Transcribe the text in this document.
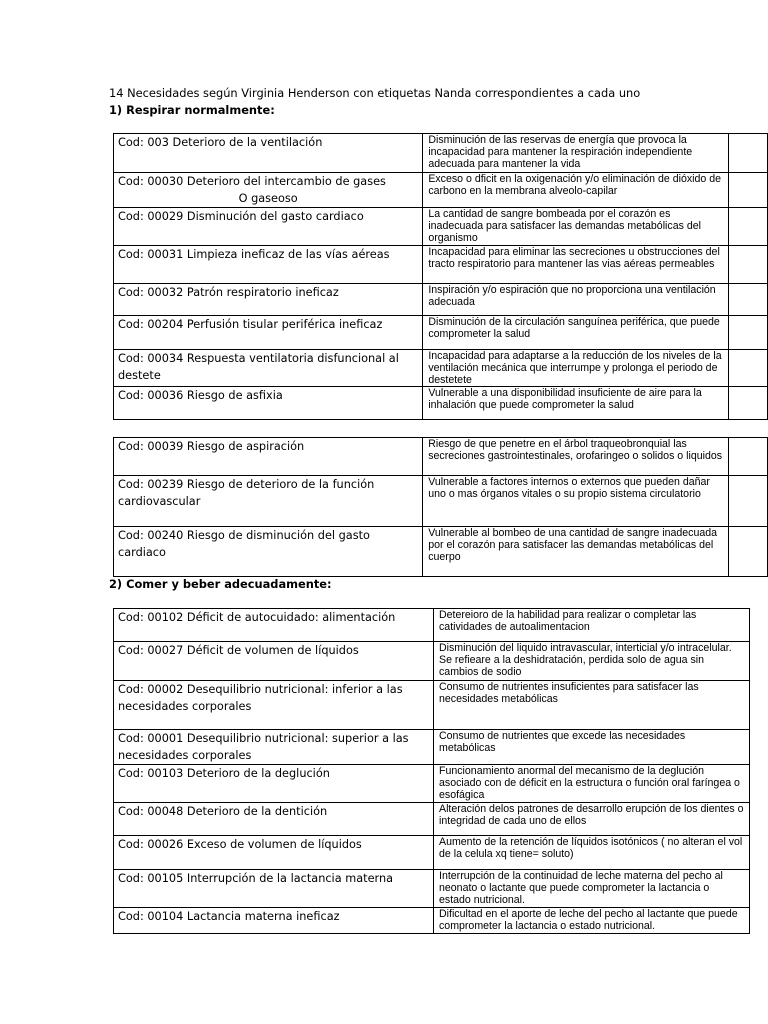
14 Necesidades según Virginia Henderson con etiquetas Nanda correspondientes a cada uno
1) Respirar normalmente:
Cod: 003 Deterioro de la ventilación	Disminución de las reservas de energía que provoca la incapacidad para mantener la respiración independiente adecuada para mantener la vida	

Cod: 00030 Deterioro del intercambio de gases
O gaseoso	Exceso o dficit en la oxigenación y/o eliminación de dióxido de carbono en la membrana alveolo-capilar	
Cod: 00029 Disminución del gasto cardiaco	La cantidad de sangre bombeada por el corazón es inadecuada para satisfacer las demandas metabólicas del organismo	
Cod: 00031 Limpieza ineficaz de las vías aéreas	Incapacidad para eliminar las secreciones u obstrucciones del tracto respiratorio para mantener las vias aéreas permeables	
Cod: 00032 Patrón respiratorio ineficaz	Inspiración y/o espiración que no proporciona una ventilación adecuada	
Cod: 00204 Perfusión tisular periférica ineficaz	Disminución de la circulación sanguínea periférica, que puede comprometer la salud	
Cod: 00034 Respuesta ventilatoria disfuncional al destete	Incapacidad para adaptarse a la reducción de los niveles de la ventilación mecánica que interrumpe y prolonga el periodo de destetete	
Cod: 00036 Riesgo de asfixia	Vulnerable a una disponibilidad insuficiente de aire para la inhalación que puede comprometer la salud	
Cod: 00039 Riesgo de aspiración	Riesgo de que penetre en el árbol traqueobronquial las secreciones gastrointestinales, orofaringeo o solidos o liquidos	
Cod: 00239 Riesgo de deterioro de la función cardiovascular	Vulnerable a factores internos o externos que pueden dañar uno o mas órganos vitales o su propio sistema circulatorio	
Cod: 00240 Riesgo de disminución del gasto cardiaco	Vulnerable al bombeo de una cantidad de sangre inadecuada por el corazón para satisfacer las demandas metabólicas del cuerpo	
2) Comer y beber adecuadamente:
Cod: 00102 Déficit de autocuidado: alimentación	Detereioro de la habilidad para realizar o completar las catividades de autoalimentacion
Cod: 00027 Déficit de volumen de líquidos	Disminución del liquido intravascular, interticial y/o intracelular. Se refieare a la deshidratación, perdida solo de agua sin cambios de sodio
Cod: 00002 Desequilibrio nutricional: inferior a las necesidades corporales	Consumo de nutrientes insuficientes para satisfacer las necesidades metabólicas
Cod: 00001 Desequilibrio nutricional: superior a las necesidades corporales	Consumo de nutrientes que excede las necesidades metabólicas
Cod: 00103 Deterioro de la deglución	Funcionamiento anormal del mecanismo de la deglución asociado con de déficit en la estructura o función oral faríngea o esofágica
Cod: 00048 Deterioro de la dentición	Alteración delos patrones de desarrollo erupción de los dientes o integridad de cada uno de ellos
Cod: 00026 Exceso de volumen de líquidos	Aumento de la retención de líquidos isotónicos ( no alteran el vol de la celula xq tiene= soluto)
Cod: 00105 Interrupción de la lactancia materna	Interrupción de la continuidad de leche materna del pecho al neonato o lactante que puede comprometer la lactancia o estado nutricional.
Cod: 00104 Lactancia materna ineficaz	Dificultad en el aporte de leche del pecho al lactante que puede comprometer la lactancia o estado nutricional.
